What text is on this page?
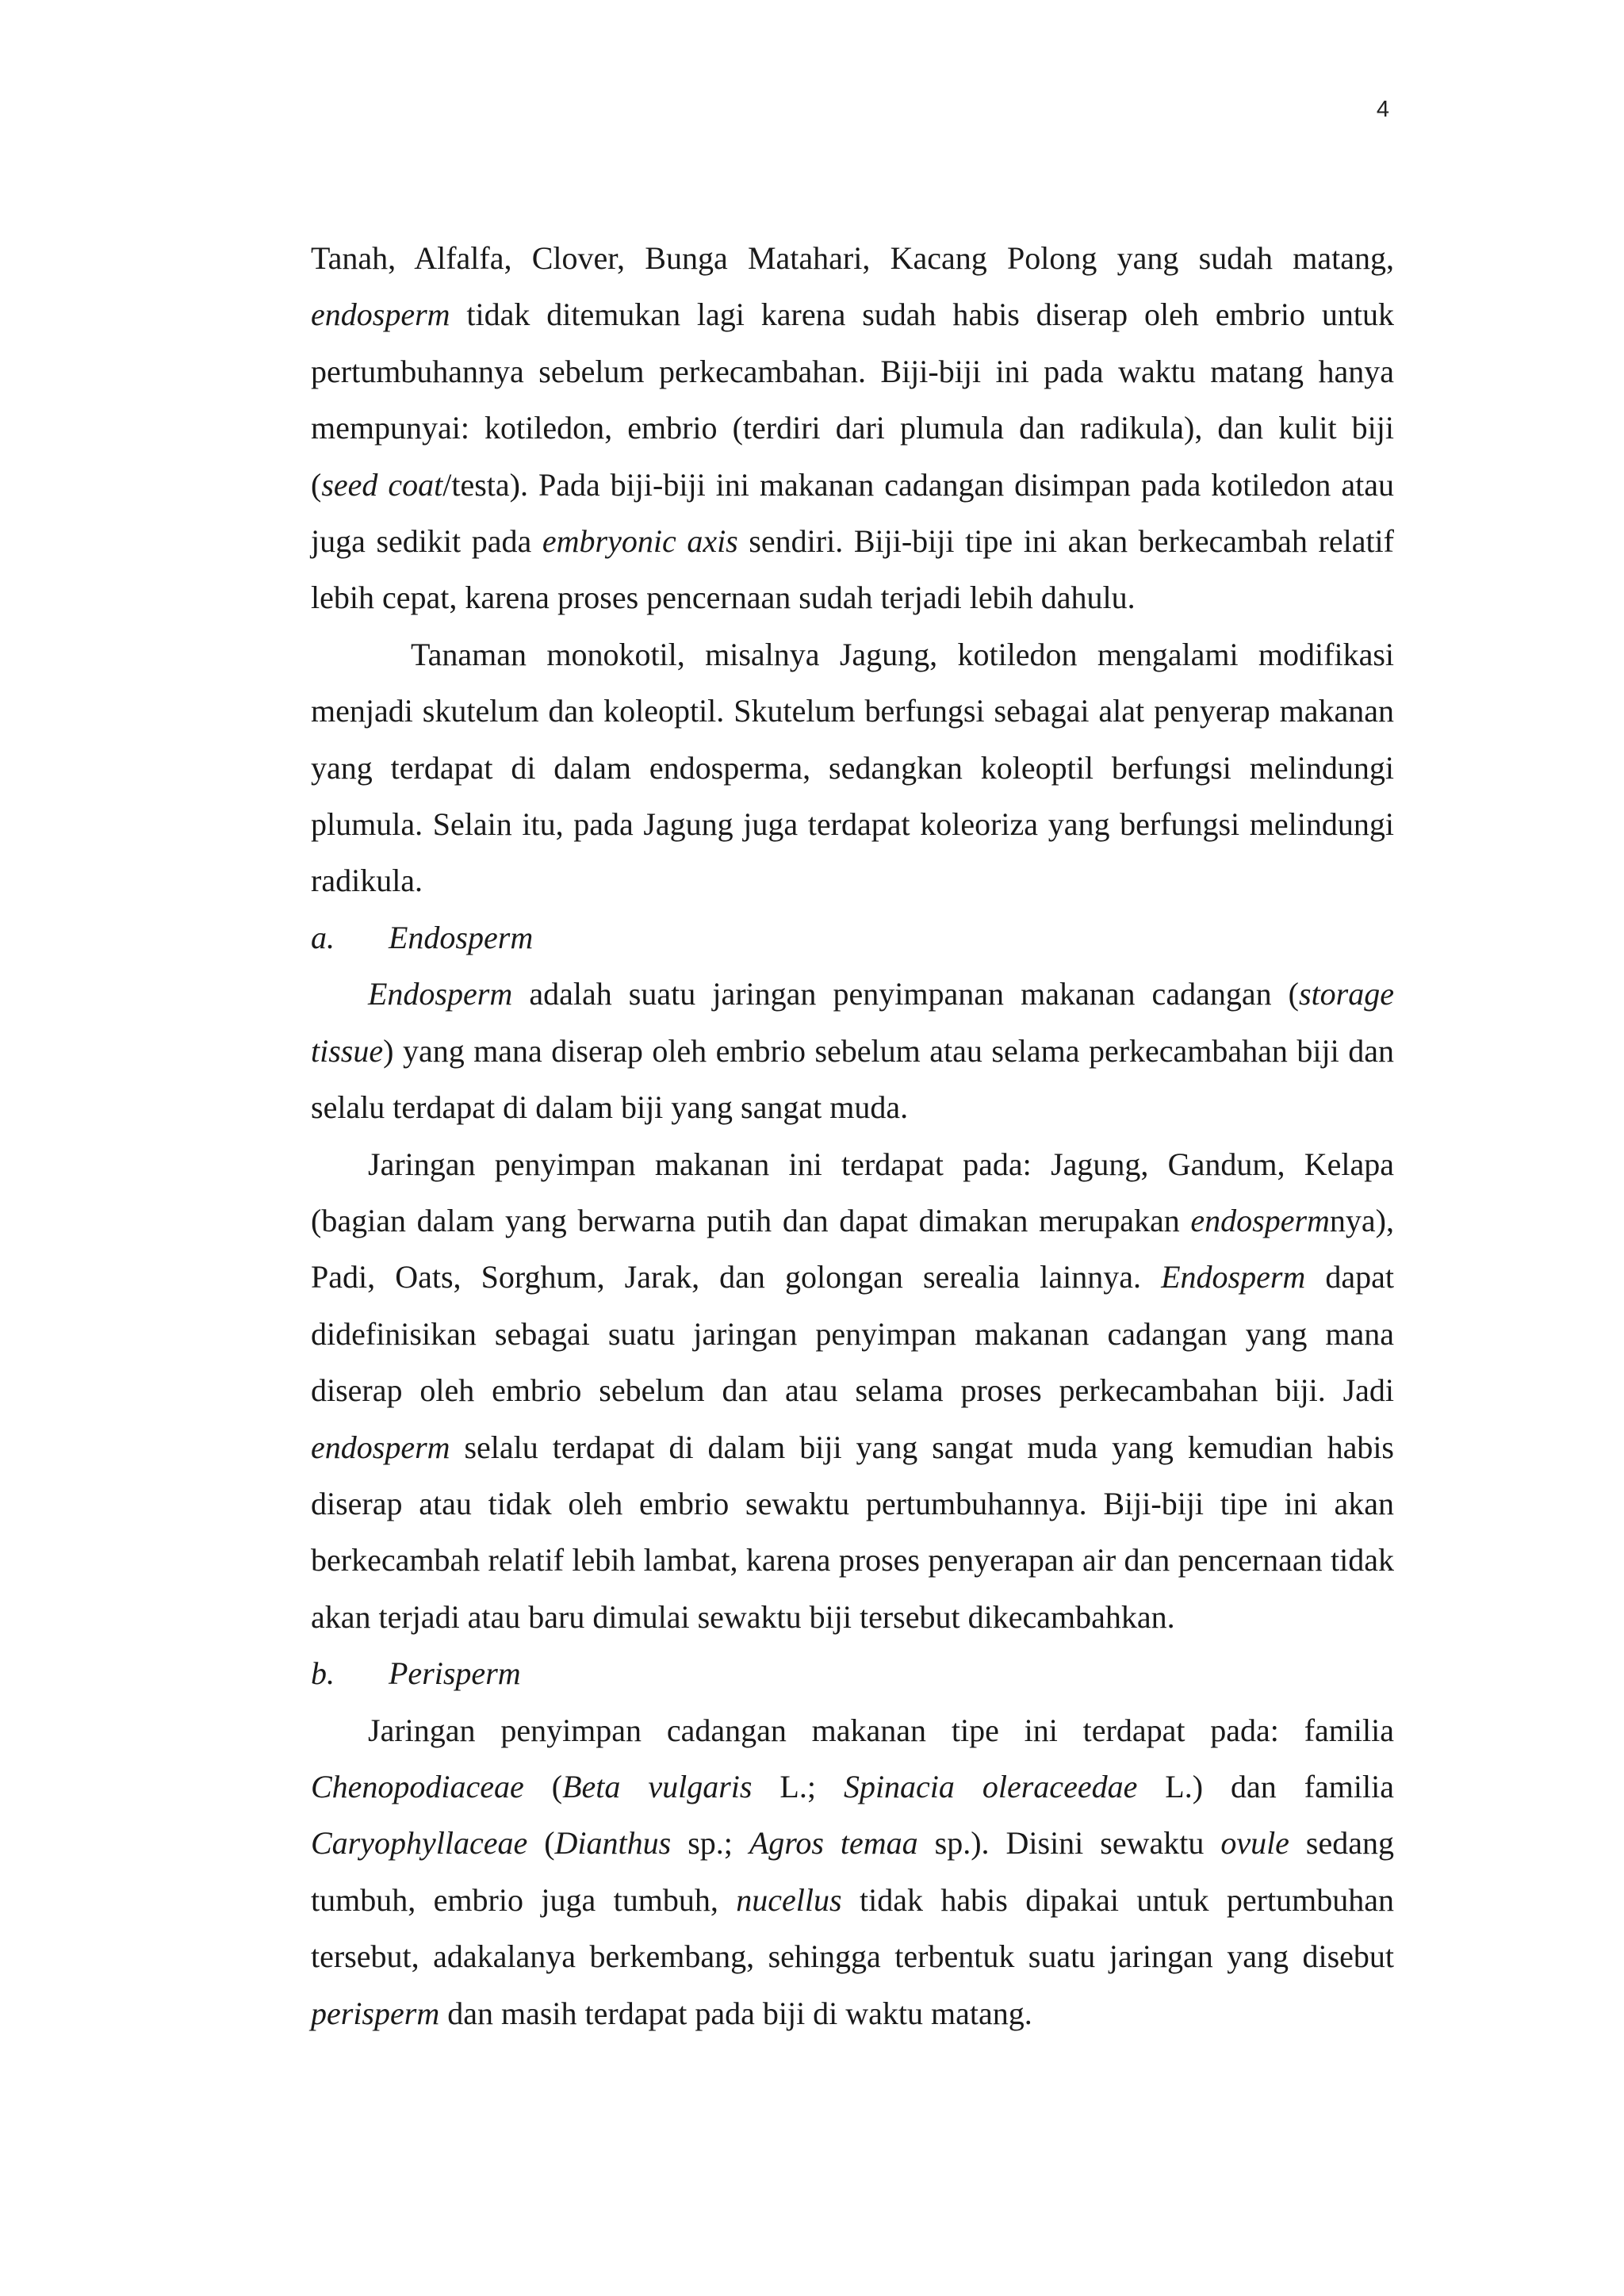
4

Tanah, Alfalfa, Clover, Bunga Matahari, Kacang Polong yang sudah matang, endosperm tidak ditemukan lagi karena sudah habis diserap oleh embrio untuk pertumbuhannya sebelum perkecambahan. Biji-biji ini pada waktu matang hanya mempunyai: kotiledon, embrio (terdiri dari plumula dan radikula), dan kulit biji (seed coat/testa). Pada biji-biji ini makanan cadangan disimpan pada kotiledon atau juga sedikit pada embryonic axis sendiri. Biji-biji tipe ini akan berkecambah relatif lebih cepat, karena proses pencernaan sudah terjadi lebih dahulu.

Tanaman monokotil, misalnya Jagung, kotiledon mengalami modifikasi menjadi skutelum dan koleoptil. Skutelum berfungsi sebagai alat penyerap makanan yang terdapat di dalam endosperma, sedangkan koleoptil berfungsi melindungi plumula. Selain itu, pada Jagung juga terdapat koleoriza yang berfungsi melindungi radikula.

a.	Endosperm

Endosperm adalah suatu jaringan penyimpanan makanan cadangan (storage tissue) yang mana diserap oleh embrio sebelum atau selama perkecambahan biji dan selalu terdapat di dalam biji yang sangat muda.

Jaringan penyimpan makanan ini terdapat pada: Jagung, Gandum, Kelapa (bagian dalam yang berwarna putih dan dapat dimakan merupakan endospermnya), Padi, Oats, Sorghum, Jarak, dan golongan serealia lainnya. Endosperm dapat didefinisikan sebagai suatu jaringan penyimpan makanan cadangan yang mana diserap oleh embrio sebelum dan atau selama proses perkecambahan biji. Jadi endosperm selalu terdapat di dalam biji yang sangat muda yang kemudian habis diserap atau tidak oleh embrio sewaktu pertumbuhannya. Biji-biji tipe ini akan berkecambah relatif lebih lambat, karena proses penyerapan air dan pencernaan tidak akan terjadi atau baru dimulai sewaktu biji tersebut dikecambahkan.

b.	Perisperm

Jaringan penyimpan cadangan makanan tipe ini terdapat pada: familia Chenopodiaceae (Beta vulgaris L.; Spinacia oleraceedae L.) dan familia Caryophyllaceae (Dianthus sp.; Agros temaa sp.). Disini sewaktu ovule sedang tumbuh, embrio juga tumbuh, nucellus tidak habis dipakai untuk pertumbuhan tersebut, adakalanya berkembang, sehingga terbentuk suatu jaringan yang disebut perisperm dan masih terdapat pada biji di waktu matang.
